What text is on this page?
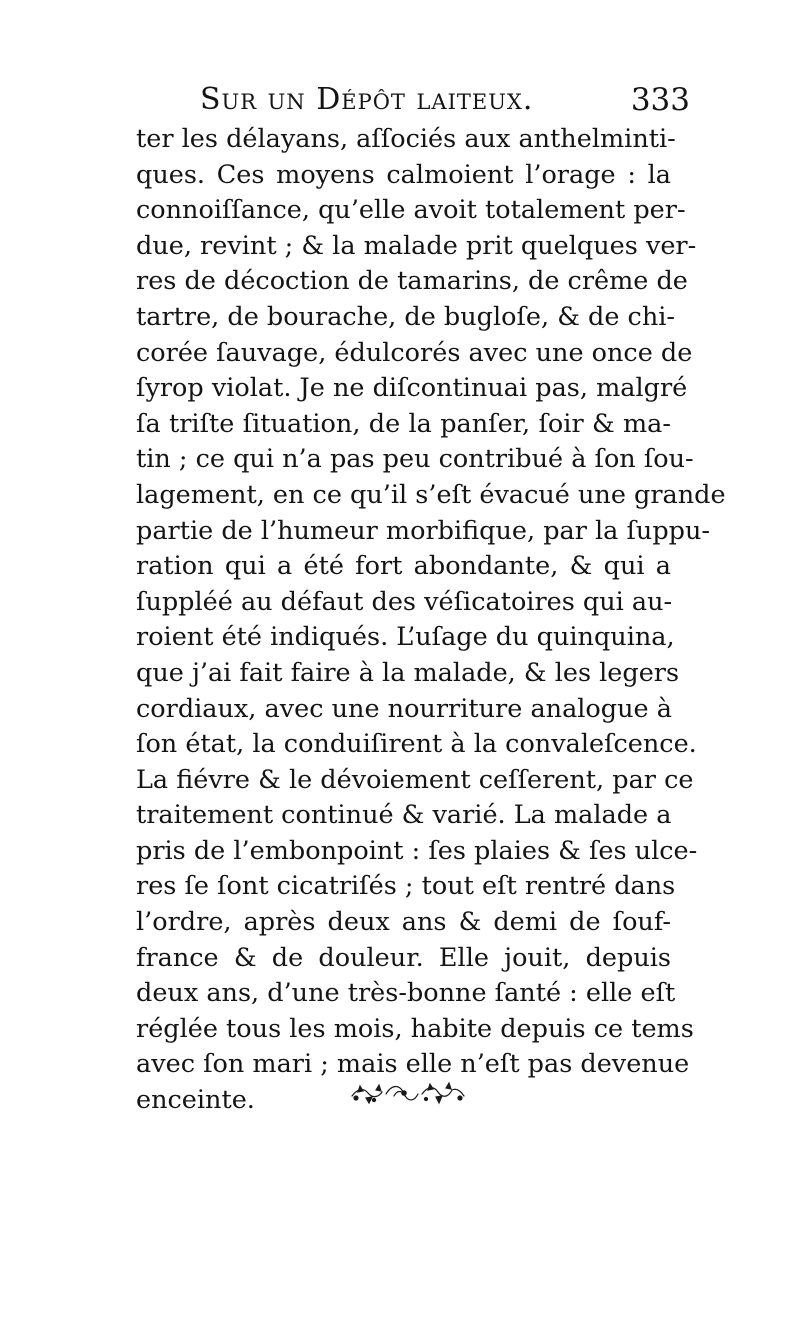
Sur un Dépôt laiteux.	333
ter les délayans, aſſociés aux anthelminti-
ques. Ces moyens calmoient l’orage : la
connoiſſance, qu’elle avoit totalement per-
due, revint ; & la malade prit quelques ver-
res de décoction de tamarins, de crême de
tartre, de bourache, de bugloſe, & de chi-
corée ſauvage, édulcorés avec une once de
ſyrop violat. Je ne diſcontinuai pas, malgré
ſa triſte ſituation, de la panſer, ſoir & ma-
tin ; ce qui n’a pas peu contribué à ſon ſou-
lagement, en ce qu’il s’eſt évacué une grande
partie de l’humeur morbifique, par la ſuppu-
ration qui a été fort abondante, & qui a
ſuppléé au défaut des véſicatoires qui au-
roient été indiqués. L’uſage du quinquina,
que j’ai fait faire à la malade, & les legers
cordiaux, avec une nourriture analogue à
ſon état, la conduiſirent à la convaleſcence.
La fiévre & le dévoiement ceſſerent, par ce
traitement continué & varié. La malade a
pris de l’embonpoint : ſes plaies & ſes ulce-
res ſe ſont cicatriſés ; tout eſt rentré dans
l’ordre, après deux ans & demi de ſouf-
france & de douleur. Elle jouit, depuis
deux ans, d’une très-bonne ſanté : elle eſt
réglée tous les mois, habite depuis ce tems
avec ſon mari ; mais elle n’eſt pas devenue
enceinte.
